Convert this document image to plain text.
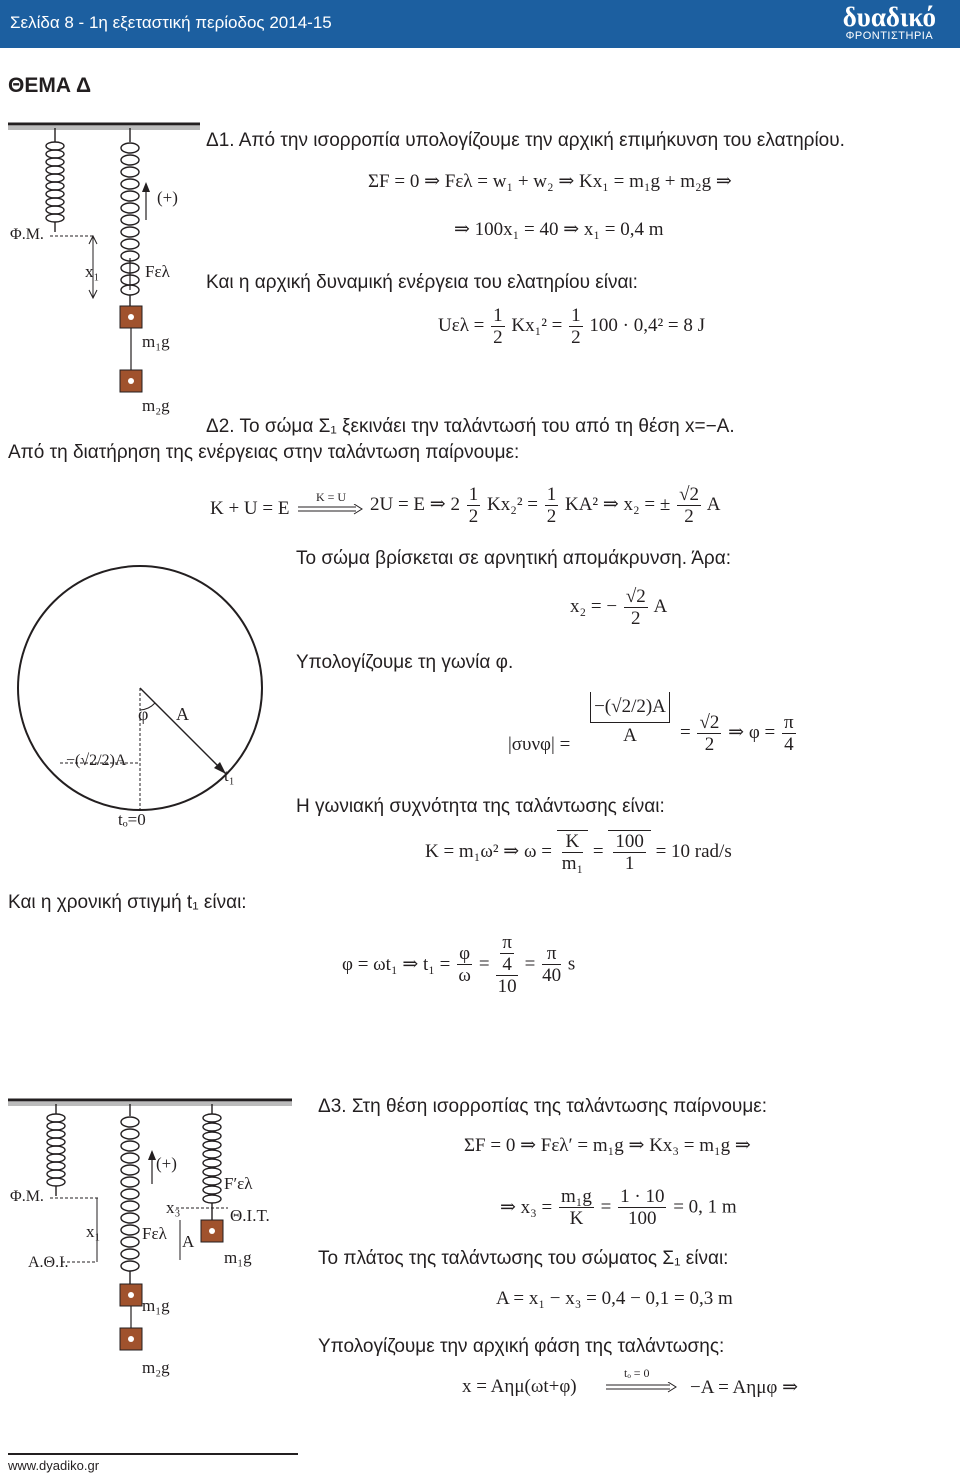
Σελίδα 8 - 1η εξεταστική περίοδος 2014-15	δυαδικό
ΦΡΟΝΤΙΣΤΗΡΙΑ
ΘΕΜΑ Δ
Φ.Μ.
(+)
x₁	Fελ
m₁g
m₂g
Δ1. Από την ισορροπία υπολογίζουμε την αρχική επιμήκυνση του ελατηρίου.
ΣF = 0 ⇒ Fελ = w₁ + w₂ ⇒ Kx₁ = m₁g + m₂g ⇒
⇒ 100x₁ = 40 ⇒ x₁ = 0,4 m
Και η αρχική δυναμική ενέργεια του ελατηρίου είναι:
$U\varepsilon\lambda = \frac{1}{2} Kx_1^2 = \frac{1}{2} 100 \cdot 0,4^2 = 8$ J
Δ2. Το σώμα Σ₁ ξεκινάει την ταλάντωσή του από τη θέση x=−A.
Από τη διατήρηση της ενέργειας στην ταλάντωση παίρνουμε:
K + U = E
K = U 2U = E ⇒ $2 \frac{1}{2} Kx_2^2 = \frac{1}{2} KA^2$ ⇒ x₂ = ± $\frac{√2}{2}$ A
Το σώμα βρίσκεται σε αρνητική απομάκρυνση. Άρα:
x₂ = − $\frac{√2}{2}$ A
Υπολογίζουμε τη γωνία φ.
$|\sigma\upsilon\nu\varphi| = \frac{-(√2/2)A}{A} = \frac{√2}{2}$ ⇒ $\varphi = \frac{\pi}{4}$
φ A
−(√2/2)A
t₁
tₒ=0
Η γωνιακή συχνότητα της ταλάντωσης είναι:
K = m₁ω² ⇒ $\omega = \frac{K}{\text{m₁}} = \frac{100}{1} = 10$ rad/s
Και η χρονική στιγμή t₁ είναι:
φ = ωt₁ ⇒ $t_1 = \frac{\varphi}{\omega} = \frac{\frac{\pi}{4}}{10} = \frac{\pi}{40}$ s
Φ.Μ.
Α.Θ.Ι.
(+)
x₁
x₃
Fελ
F′ελ
Θ.Ι.Τ.
A
m₁g
m₁g
m₂g
Δ3. Στη θέση ισορροπίας της ταλάντωσης παίρνουμε:
ΣF = 0 ⇒ Fελ′ = m₁g ⇒ Kx₃ = m₁g ⇒
⇒ $x_3 = \frac{\text{m₁g}}{K} = \frac{1 \cdot 10}{100} = 0$, 1 m
Το πλάτος της ταλάντωσης του σώματος Σ₁ είναι:
A = x₁ − x₃ = 0,4 − 0,1 = 0,3 m
Υπολογίζουμε την αρχική φάση της ταλάντωσης:
x = Aημ(ωt+φ)
tₒ = 0
−A = Aημφ ⇒
www.dyadiko.gr
